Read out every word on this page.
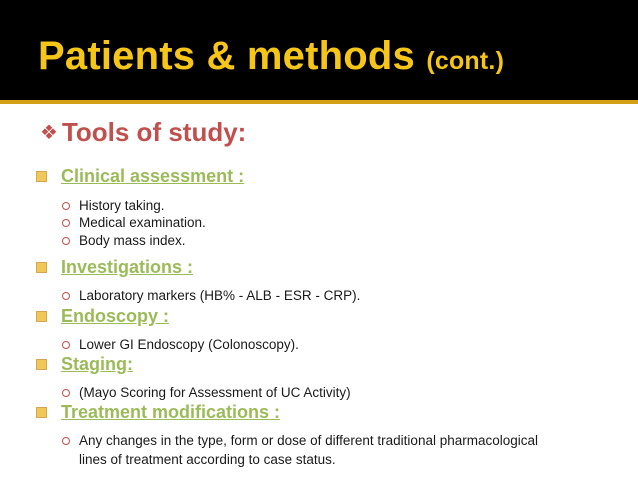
Patients & methods (cont.)
❖ Tools of study:
Clinical assessment :
History taking.
Medical examination.
Body mass index.
Investigations :
Laboratory markers (HB% - ALB - ESR - CRP).
Endoscopy :
Lower GI Endoscopy (Colonoscopy).
Staging:
(Mayo Scoring for Assessment of UC Activity)
Treatment modifications :
Any changes in the type, form or dose of different traditional pharmacological lines of treatment according to case status.
